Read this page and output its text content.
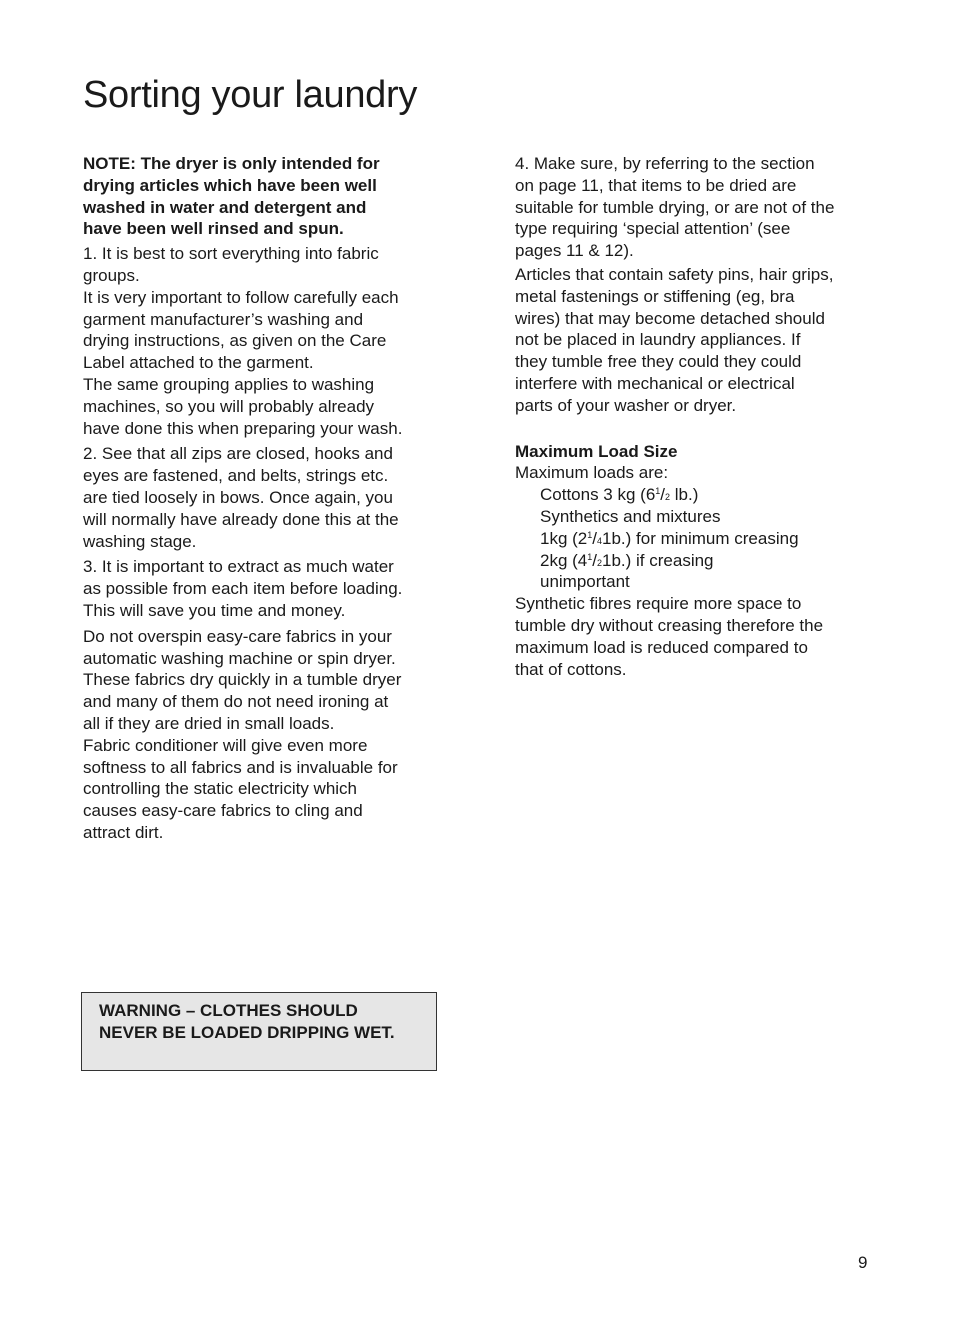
Sorting your laundry

NOTE: The dryer is only intended for drying articles which have been well washed in water and detergent and have been well rinsed and spun.

1. It is best to sort everything into fabric groups.

It is very important to follow carefully each garment manufacturer’s washing and drying instructions, as given on the Care Label attached to the garment.

The same grouping applies to washing machines, so you will probably already have done this when preparing your wash.

2. See that all zips are closed, hooks and eyes are fastened, and belts, strings etc. are tied loosely in bows. Once again, you will normally have already done this at the washing stage.

3. It is important to extract as much water as possible from each item before loading. This will save you time and money.

Do not overspin easy-care fabrics in your automatic washing machine or spin dryer. These fabrics dry quickly in a tumble dryer and many of them do not need ironing at all if they are dried in small loads.

Fabric conditioner will give even more softness to all fabrics and is invaluable for controlling the static electricity which causes easy-care fabrics to cling and attract dirt.

WARNING – CLOTHES SHOULD NEVER BE LOADED DRIPPING WET.

4. Make sure, by referring to the section on page 11, that items to be dried are suitable for tumble drying, or are not of the type requiring ‘special attention’ (see pages 11 & 12).

Articles that contain safety pins, hair grips, metal fastenings or stiffening (eg, bra wires) that may become detached should not be placed in laundry appliances. If they tumble free they could they could interfere with mechanical or electrical parts of your washer or dryer.

Maximum Load Size

Maximum loads are:

Cottons 3 kg ($6^1/2$ lb.)

Synthetics and mixtures

1kg $(2^1/41b.)$ for minimum creasing

2kg $(4^1/21b.)$ if creasing

unimportant

Synthetic fibres require more space to tumble dry without creasing therefore the maximum load is reduced compared to that of cottons.

9
